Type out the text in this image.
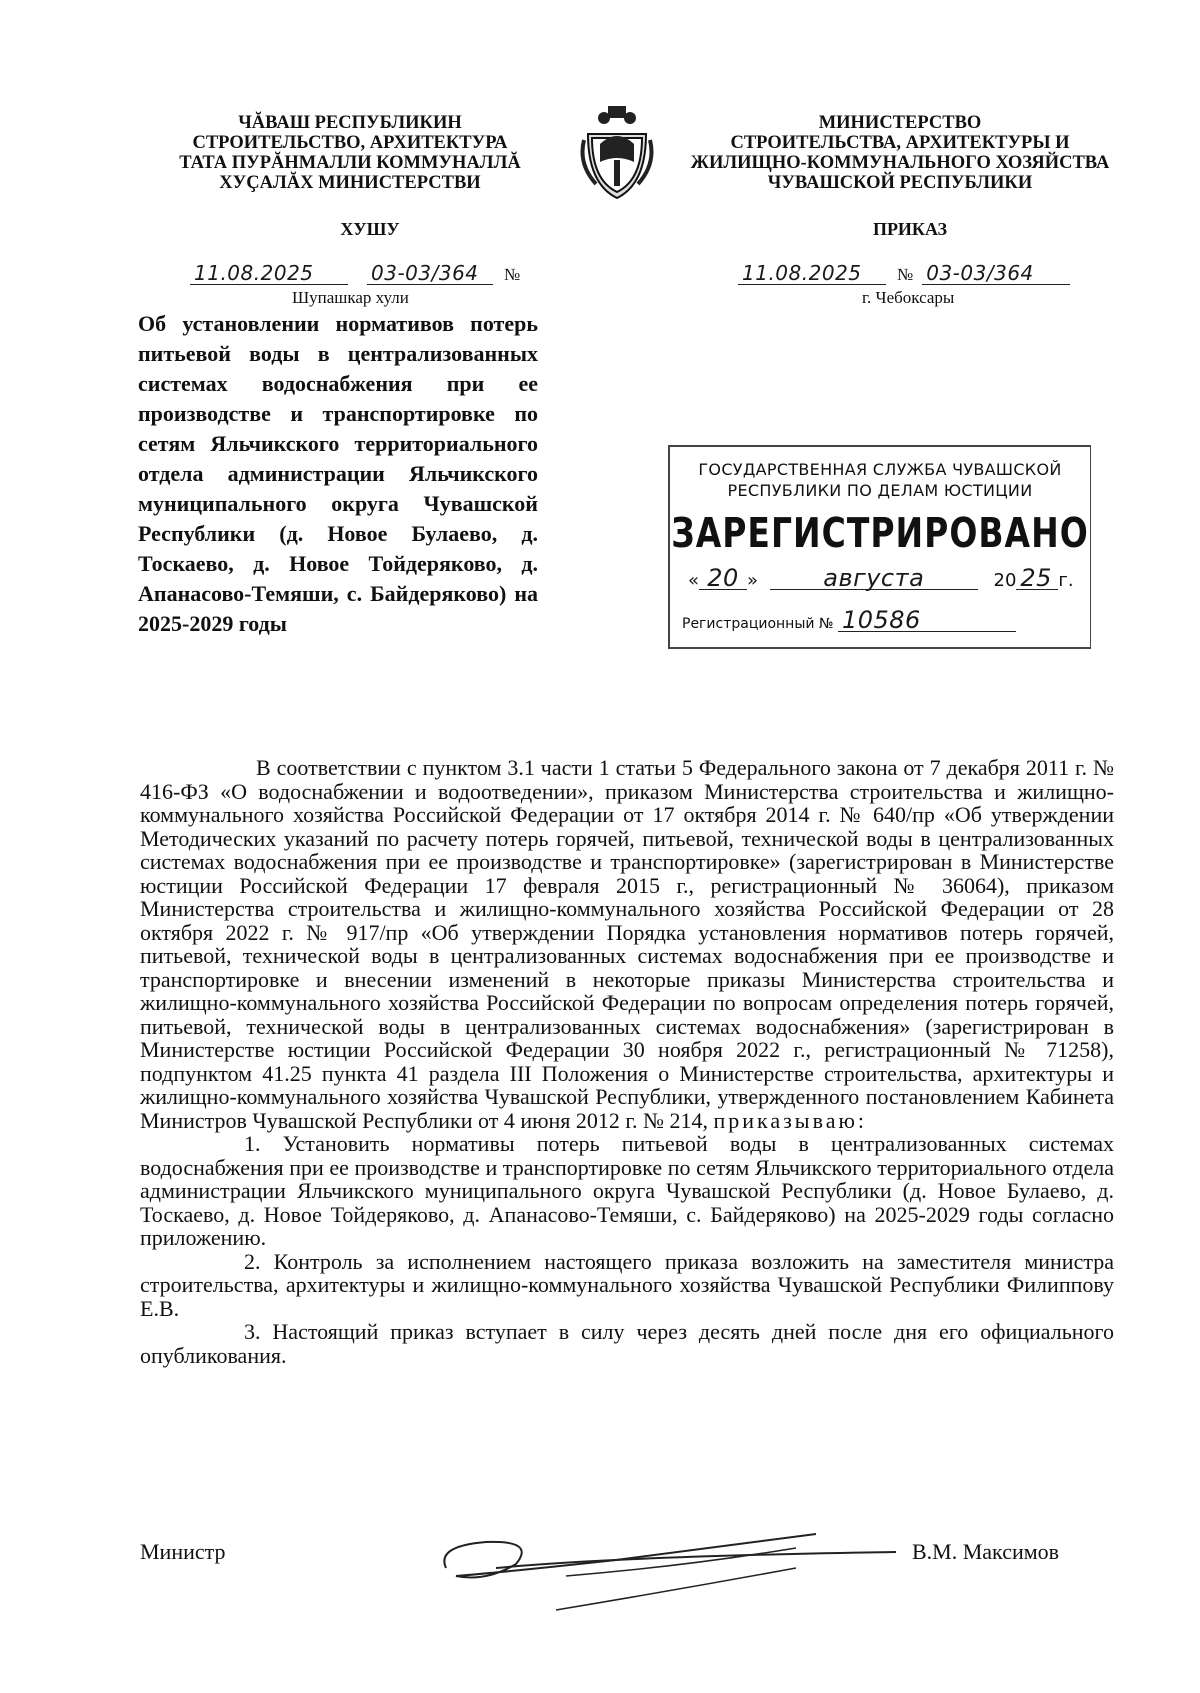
ЧĂВАШ РЕСПУБЛИКИН
СТРОИТЕЛЬСТВО, АРХИТЕКТУРА
ТАТА ПУРĂНМАЛЛИ КОММУНАЛЛĂ
ХУҪАЛĂХ МИНИСТЕРСТВИ
МИНИСТЕРСТВО
СТРОИТЕЛЬСТВА, АРХИТЕКТУРЫ И
ЖИЛИЩНО-КОММУНАЛЬНОГО ХОЗЯЙСТВА
ЧУВАШСКОЙ РЕСПУБЛИКИ
ХУШУ	ПРИКАЗ
11.08.2025	03-03/364 №
Шупашкар хули
11.08.2025 № 03-03/364
г. Чебоксары
Об установлении нормативов потерь питьевой воды в централизованных системах водоснабжения при ее производстве и транспортировке по сетям Яльчикского территориального отдела администрации Яльчикского муниципального округа Чувашской Республики (д. Новое Булаево, д. Тоскаево, д. Новое Тойдеряково, д. Апанасово-Темяши, с. Байдеряково) на 2025-2029 годы
ГОСУДАРСТВЕННАЯ СЛУЖБА ЧУВАШСКОЙ
РЕСПУБЛИКИ ПО ДЕЛАМ ЮСТИЦИИ
ЗАРЕГИСТРИРОВАНО
« 20 »	августа	20 25 г.
Регистрационный № 10586

В соответствии с пунктом 3.1 части 1 статьи 5 Федерального закона от 7 декабря 2011 г. № 416-ФЗ «О водоснабжении и водоотведении», приказом Министерства строительства и жилищно-коммунального хозяйства Российской Федерации от 17 октября 2014 г. № 640/пр «Об утверждении Методических указаний по расчету потерь горячей, питьевой, технической воды в централизованных системах водоснабжения при ее производстве и транспортировке» (зарегистрирован в Министерстве юстиции Российской Федерации 17 февраля 2015 г., регистрационный № 36064), приказом Министерства строительства и жилищно-коммунального хозяйства Российской Федерации от 28 октября 2022 г. № 917/пр «Об утверждении Порядка установления нормативов потерь горячей, питьевой, технической воды в централизованных системах водоснабжения при ее производстве и транспортировке и внесении изменений в некоторые приказы Министерства строительства и жилищно-коммунального хозяйства Российской Федерации по вопросам определения потерь горячей, питьевой, технической воды в централизованных системах водоснабжения» (зарегистрирован в Министерстве юстиции Российской Федерации 30 ноября 2022 г., регистрационный № 71258), подпунктом 41.25 пункта 41 раздела III Положения о Министерстве строительства, архитектуры и жилищно-коммунального хозяйства Чувашской Республики, утвержденного постановлением Кабинета Министров Чувашской Республики от 4 июня 2012 г. № 214, приказываю:

1. Установить нормативы потерь питьевой воды в централизованных системах водоснабжения при ее производстве и транспортировке по сетям Яльчикского территориального отдела администрации Яльчикского муниципального округа Чувашской Республики (д. Новое Булаево, д. Тоскаево, д. Новое Тойдеряково, д. Апанасово-Темяши, с. Байдеряково) на 2025-2029 годы согласно приложению.

2. Контроль за исполнением настоящего приказа возложить на заместителя министра строительства, архитектуры и жилищно-коммунального хозяйства Чувашской Республики Филиппову Е.В.

3. Настоящий приказ вступает в силу через десять дней после дня его официального опубликования.

Министр	В.М. Максимов
